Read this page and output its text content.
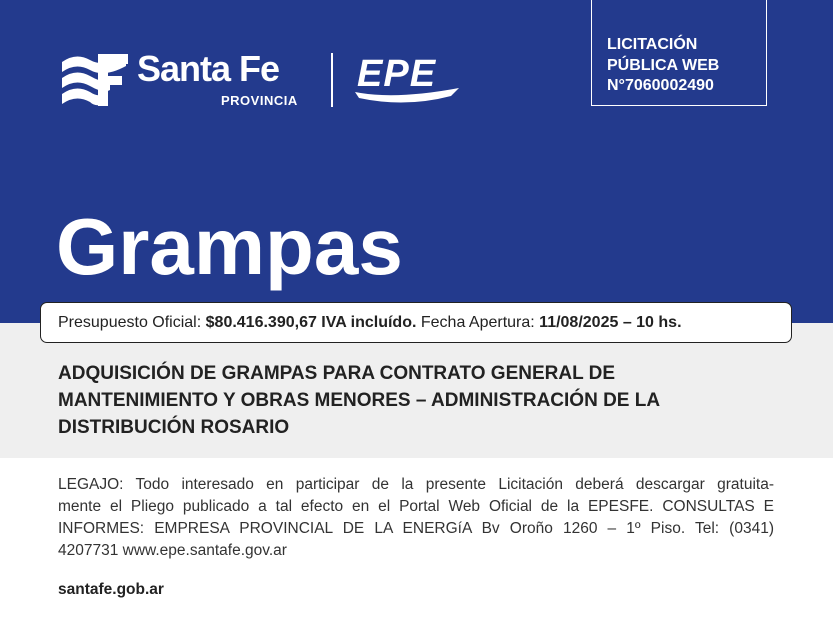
Santa Fe
PROVINCIA
EPE
LICITACIÓN
PÚBLICA WEB
N°7060002490
Grampas
Presupuesto Oficial: $80.416.390,67 IVA incluído. Fecha Apertura: 11/08/2025 – 10 hs.
ADQUISICIÓN DE GRAMPAS PARA CONTRATO GENERAL DE
MANTENIMIENTO Y OBRAS MENORES – ADMINISTRACIÓN DE LA
DISTRIBUCIÓN ROSARIO
LEGAJO: Todo interesado en participar de la presente Licitación deberá descargar gratuita-
mente el Pliego publicado a tal efecto en el Portal Web Oficial de la EPESFE. CONSULTAS E
INFORMES: EMPRESA PROVINCIAL DE LA ENERGíA Bv Oroño 1260 – 1º Piso. Tel: (0341)
4207731 www.epe.santafe.gov.ar
santafe.gob.ar
